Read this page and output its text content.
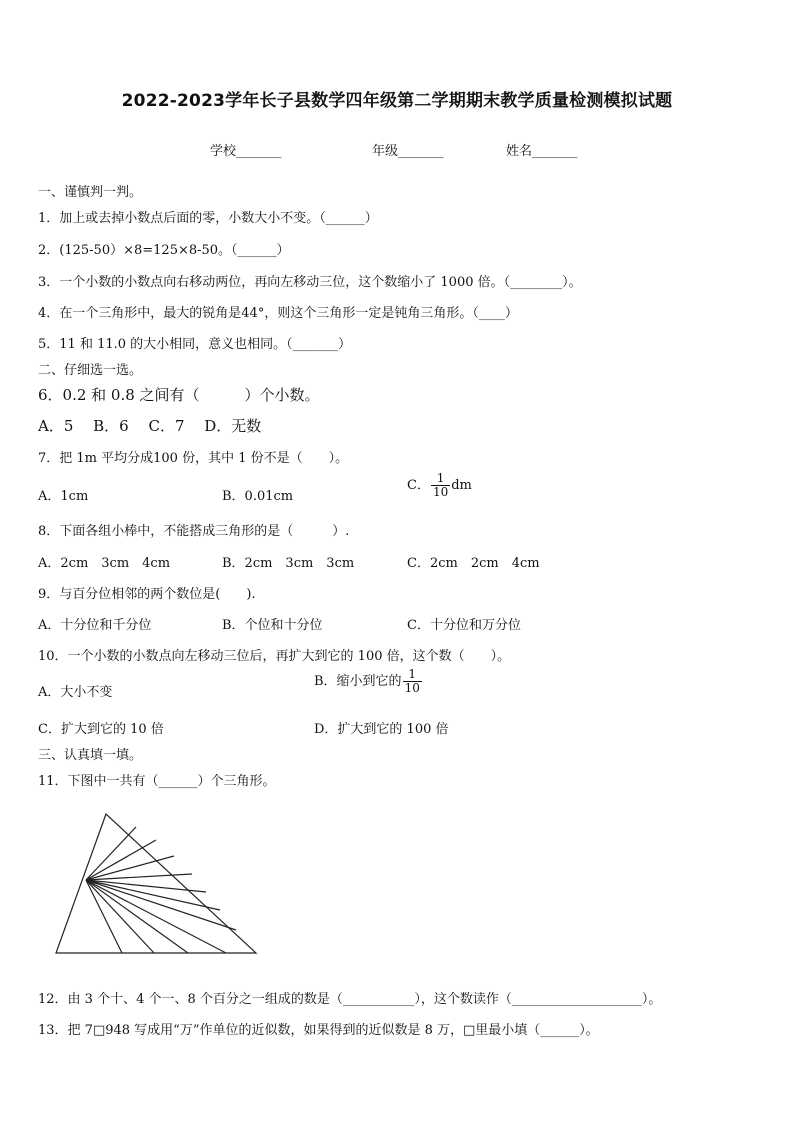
2022-2023学年长子县数学四年级第二学期期末教学质量检测模拟试题
学校_______	年级_______	姓名_______
一、谨慎判一判。
1．加上或去掉小数点后面的零，小数大小不变。（______）
2．(125-50）×8=125×8-50。（______）
3．一个小数的小数点向右移动两位，再向左移动三位，这个数缩小了 1000 倍。（________）。
4．在一个三角形中，最大的锐角是44°，则这个三角形一定是钝角三角形。（____）
5．11 和 11.0 的大小相同，意义也相同。（_______）
二、仔细选一选。
6．0.2 和 0.8 之间有（　　　）个小数。
A．5　 B．6　 C．7　 D．无数
7．把 1m 平均分成100 份，其中 1 份不是（　　）。
A．1cm	B．0.01cm
C． $\frac{1}{10}$ dm
8．下面各组小棒中，不能搭成三角形的是（　　　）.
A．2cm　3cm　4cm	B．2cm　3cm　3cm	C．2cm　2cm　4cm
9．与百分位相邻的两个数位是(　　).
A．十分位和千分位	B．个位和十分位	C．十分位和万分位
10．一个小数的小数点向左移动三位后，再扩大到它的 100 倍，这个数（　　）。
A．大小不变
B．缩小到它的 $\frac{1}{10}$
C．扩大到它的 10 倍	D．扩大到它的 100 倍
三、认真填一填。
11．下图中一共有（______）个三角形。
12．由 3 个十、4 个一、8 个百分之一组成的数是（___________），这个数读作（____________________）。
13．把 7□948 写成用“万”作单位的近似数，如果得到的近似数是 8 万，□里最小填（______）。
